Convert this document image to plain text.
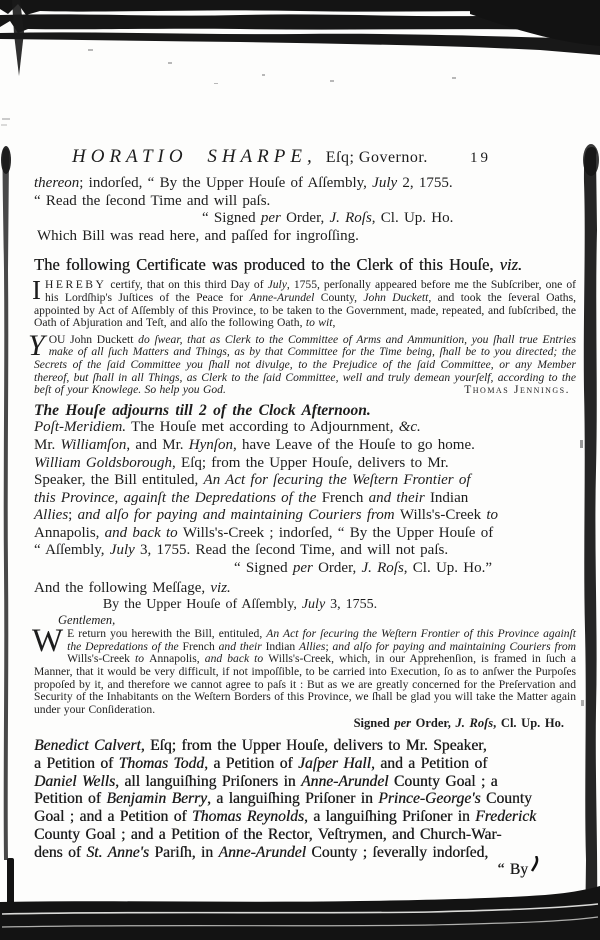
HORATIO SHARPE, Eſq; Governor.	19
thereon; indorſed, “ By the Upper Houſe of Aſſembly, July 2, 1755.
“ Read the ſecond Time and will paſs.
“ Signed per Order, J. Roſs, Cl. Up. Ho.
Which Bill was read here, and paſſed for ingroſſing.
The following Certificate was produced to the Clerk of this Houſe, viz.
IHEREBY certify, that on this third Day of July, 1755, perſonally appeared before me the Subſcriber, one of his Lordſhip's Juſtices of the Peace for Anne-Arundel County, John Duckett, and took the ſeveral Oaths, appointed by Act of Aſſembly of this Province, to be taken to the Government, made, repeated, and ſubſcribed, the Oath of Abjuration and Teſt, and alſo the following Oath, to wit,
YOU John Duckett do ſwear, that as Clerk to the Committee of Arms and Ammunition, you ſhall true Entries make of all ſuch Matters and Things, as by that Committee for the Time being, ſhall be to you directed; the Secrets of the ſaid Committee you ſhall not divulge, to the Prejudice of the ſaid Committee, or any Member thereof, but ſhall in all Things, as Clerk to the ſaid Committee, well and truly demean yourſelf, according to the beſt of your Knowlege. So help you God.	Thomas Jennings.
The Houſe adjourns till 2 of the Clock Afternoon.
Poſt-Meridiem. The Houſe met according to Adjournment, &c.
Mr. Williamſon, and Mr. Hynſon, have Leave of the Houſe to go home.
William Goldsborough, Eſq; from the Upper Houſe, delivers to Mr.
Speaker, the Bill entituled, An Act for ſecuring the Weſtern Frontier of
this Province, againſt the Depredations of the French and their Indian
Allies; and alſo for paying and maintaining Couriers from Wills's-Creek to
Annapolis, and back to Wills's-Creek ; indorſed, “ By the Upper Houſe of
“ Aſſembly, July 3, 1755. Read the ſecond Time, and will not paſs.
“ Signed per Order, J. Roſs, Cl. Up. Ho.”
And the following Meſſage, viz.
By the Upper Houſe of Aſſembly, July 3, 1755.
Gentlemen,
W E return you herewith the Bill, entituled, An Act for ſecuring the Weſtern Frontier of this Province againſt the Depredations of the French and their Indian Allies; and alſo for paying and maintaining Couriers from Wills's-Creek to Annapolis, and back to Wills's-Creek, which, in our Apprehenſion, is framed in ſuch a Manner, that it would be very difficult, if not impoſſible, to be carried into Execution, ſo as to anſwer the Purpoſes propoſed by it, and therefore we cannot agree to paſs it : But as we are greatly concerned for the Preſervation and Security of the Inhabitants on the Weſtern Borders of this Province, we ſhall be glad you will take the Matter again under your Conſideration.
Signed per Order, J. Roſs, Cl. Up. Ho.
Benedict Calvert, Eſq; from the Upper Houſe, delivers to Mr. Speaker,
a Petition of Thomas Todd, a Petition of Jaſper Hall, and a Petition of
Daniel Wells, all languiſhing Priſoners in Anne-Arundel County Goal ; a
Petition of Benjamin Berry, a languiſhing Priſoner in Prince-George's County
Goal ; and a Petition of Thomas Reynolds, a languiſhing Priſoner in Frederick
County Goal ; and a Petition of the Rector, Veſtrymen, and Church-War-
dens of St. Anne's Pariſh, in Anne-Arundel County ; ſeverally indorſed,
“ By
